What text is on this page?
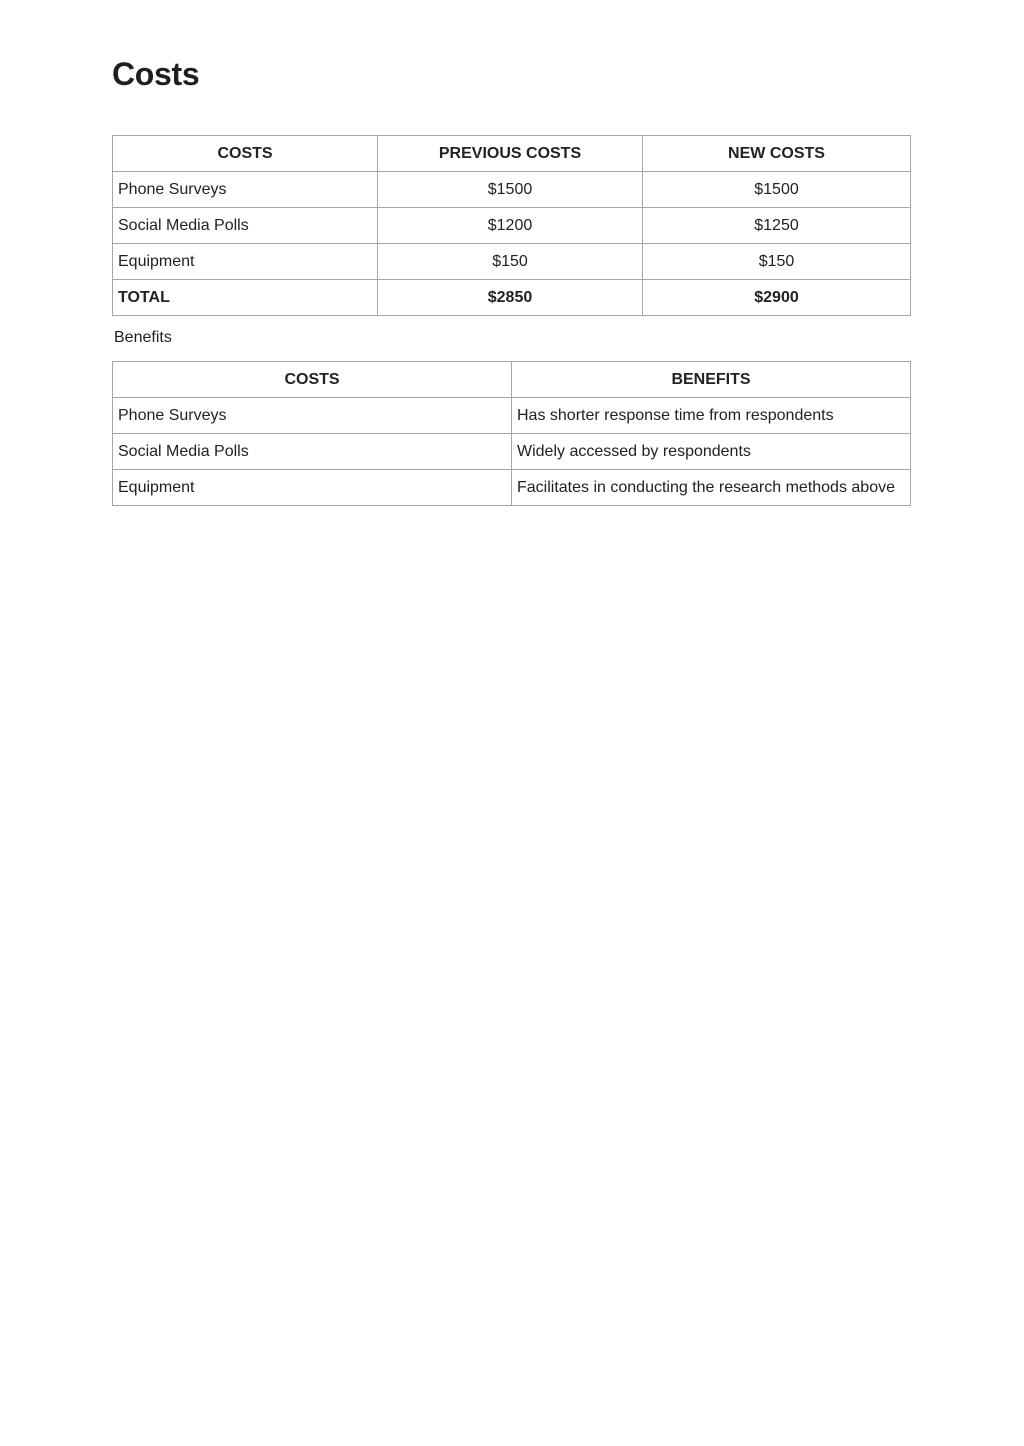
Costs
COSTS	PREVIOUS COSTS	NEW COSTS
Phone Surveys	$1500	$1500
Social Media Polls	$1200	$1250
Equipment	$150	$150
TOTAL	$2850	$2900
Benefits
COSTS	BENEFITS
Phone Surveys	Has shorter response time from respondents
Social Media Polls	Widely accessed by respondents
Equipment	Facilitates in conducting the research methods above
